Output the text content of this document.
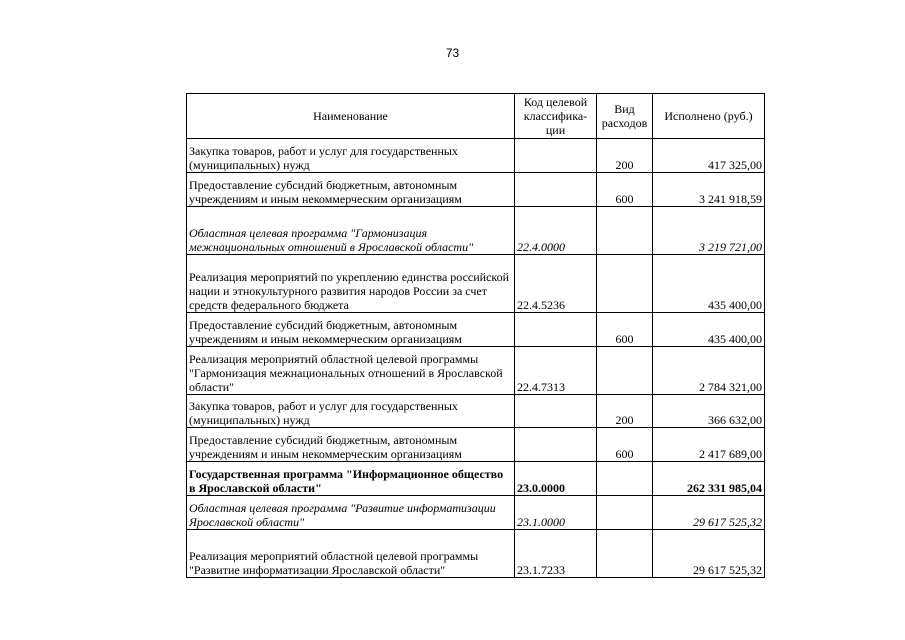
73
Наименование	Код целевой классифика-ции	Вид расходов	Исполнено (руб.)
Закупка товаров, работ и услуг для государственных (муниципальных) нужд		200	417 325,00
Предоставление субсидий бюджетным, автономным учреждениям и иным некоммерческим организациям		600	3 241 918,59
Областная целевая программа "Гармонизация межнациональных отношений в Ярославской области"	22.4.0000		3 219 721,00
Реализация мероприятий по укреплению единства российской нации и этнокультурного развития народов России за счет средств федерального бюджета	22.4.5236		435 400,00
Предоставление субсидий бюджетным, автономным учреждениям и иным некоммерческим организациям		600	435 400,00
Реализация мероприятий областной целевой программы "Гармонизация межнациональных отношений в Ярославской области"	22.4.7313		2 784 321,00
Закупка товаров, работ и услуг для государственных (муниципальных) нужд		200	366 632,00
Предоставление субсидий бюджетным, автономным учреждениям и иным некоммерческим организациям		600	2 417 689,00
Государственная программа "Информационное общество в Ярославской области"	23.0.0000		262 331 985,04
Областная целевая программа "Развитие информатизации Ярославской области"	23.1.0000		29 617 525,32
Реализация мероприятий областной целевой программы "Развитие информатизации Ярославской области"	23.1.7233		29 617 525,32
